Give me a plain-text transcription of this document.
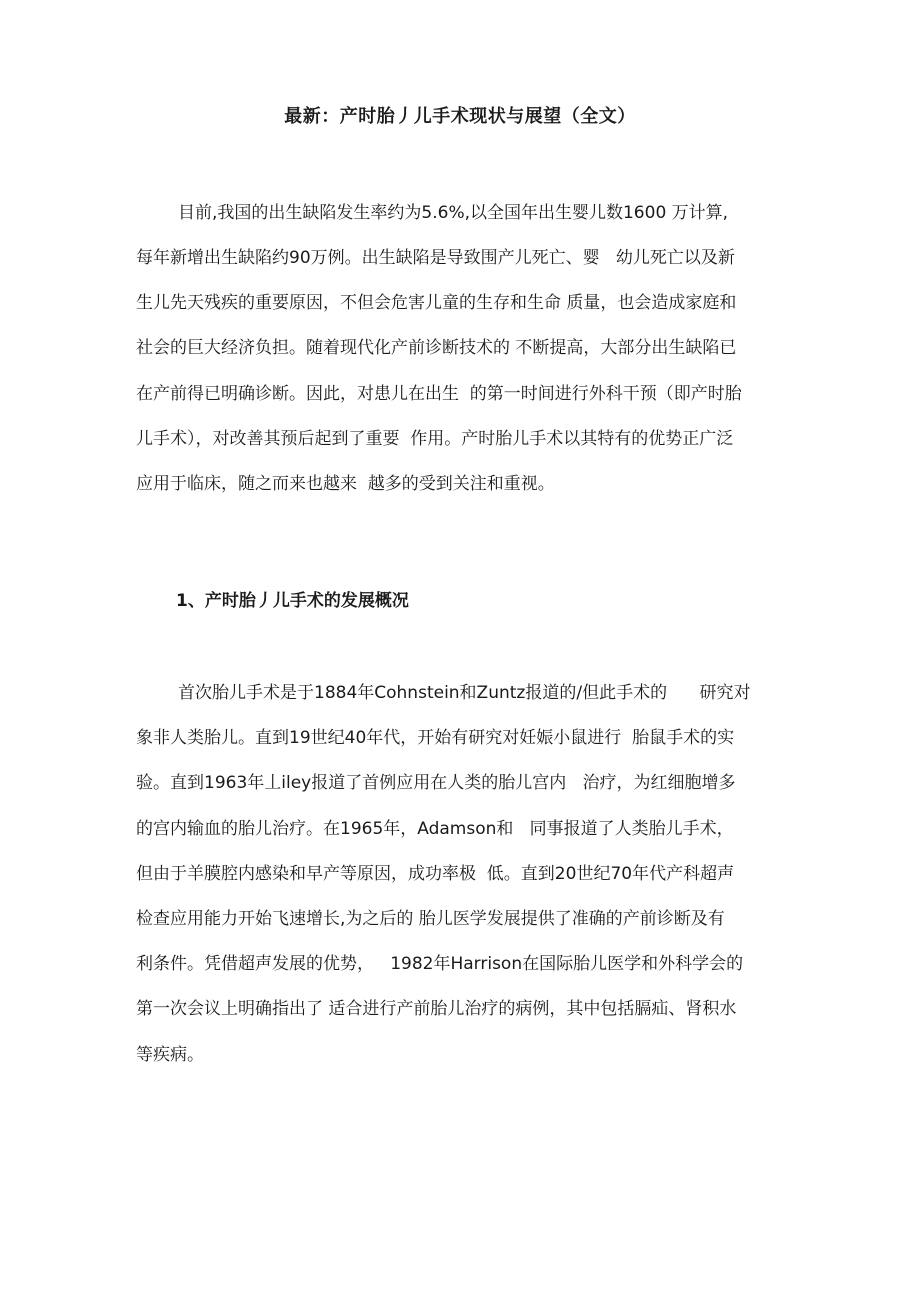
最新：产时胎丿儿手术现状与展望（全文）
目前,我国的出生缺陷发生率约为5.6%,以全国年出生婴儿数1600 万计算,
每年新增出生缺陷约90万例。出生缺陷是导致围产儿死亡、婴   幼儿死亡以及新
生儿先天残疾的重要原因，不但会危害儿童的生存和生命 质量，也会造成家庭和
社会的巨大经济负担。随着现代化产前诊断技术的 不断提高，大部分出生缺陷已
在产前得已明确诊断。因此，对患儿在出生  的第一时间进行外科干预（即产时胎
儿手术），对改善其预后起到了重要  作用。产时胎儿手术以其特有的优势正广泛
应用于临床，随之而来也越来  越多的受到关注和重视。
1、产时胎丿儿手术的发展概况
首次胎儿手术是于1884年Cohnstein和Zuntz报道的/但此手术的      研究对
象非人类胎儿。直到19世纪40年代，开始有研究对妊娠小鼠进行  胎鼠手术的实
验。直到1963年丄iley报道了首例应用在人类的胎儿宫内   治疗，为红细胞增多
的宫内输血的胎儿治疗。在1965年，Adamson和   同事报道了人类胎儿手术，
但由于羊膜腔内感染和早产等原因，成功率极  低。直到20世纪70年代产科超声
检查应用能力开始飞速增长,为之后的 胎儿医学发展提供了准确的产前诊断及有
利条件。凭借超声发展的优势，   1982年Harrison在国际胎儿医学和外科学会的
第一次会议上明确指出了 适合进行产前胎儿治疗的病例，其中包括膈疝、肾积水
等疾病。
